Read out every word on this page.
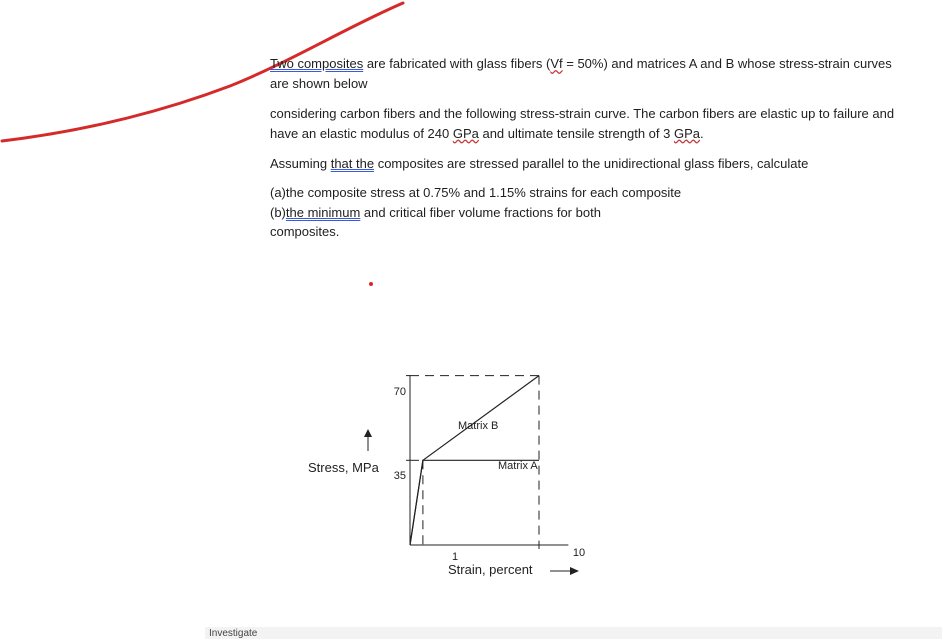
Two composites are fabricated with glass fibers (Vf = 50%) and matrices A and B whose stress-strain curves are shown below
considering carbon fibers and the following stress-strain curve. The carbon fibers are elastic up to failure and have an elastic modulus of 240 GPa and ultimate tensile strength of 3 GPa.
Assuming that the composites are stressed parallel to the unidirectional glass fibers, calculate
(a)the composite stress at 0.75% and 1.15% strains for each composite
(b)the minimum and critical fiber volume fractions for both
composites.
70
35
1	10
Stress, MPa
Strain, percent
Matrix B
Matrix A
Investigate
